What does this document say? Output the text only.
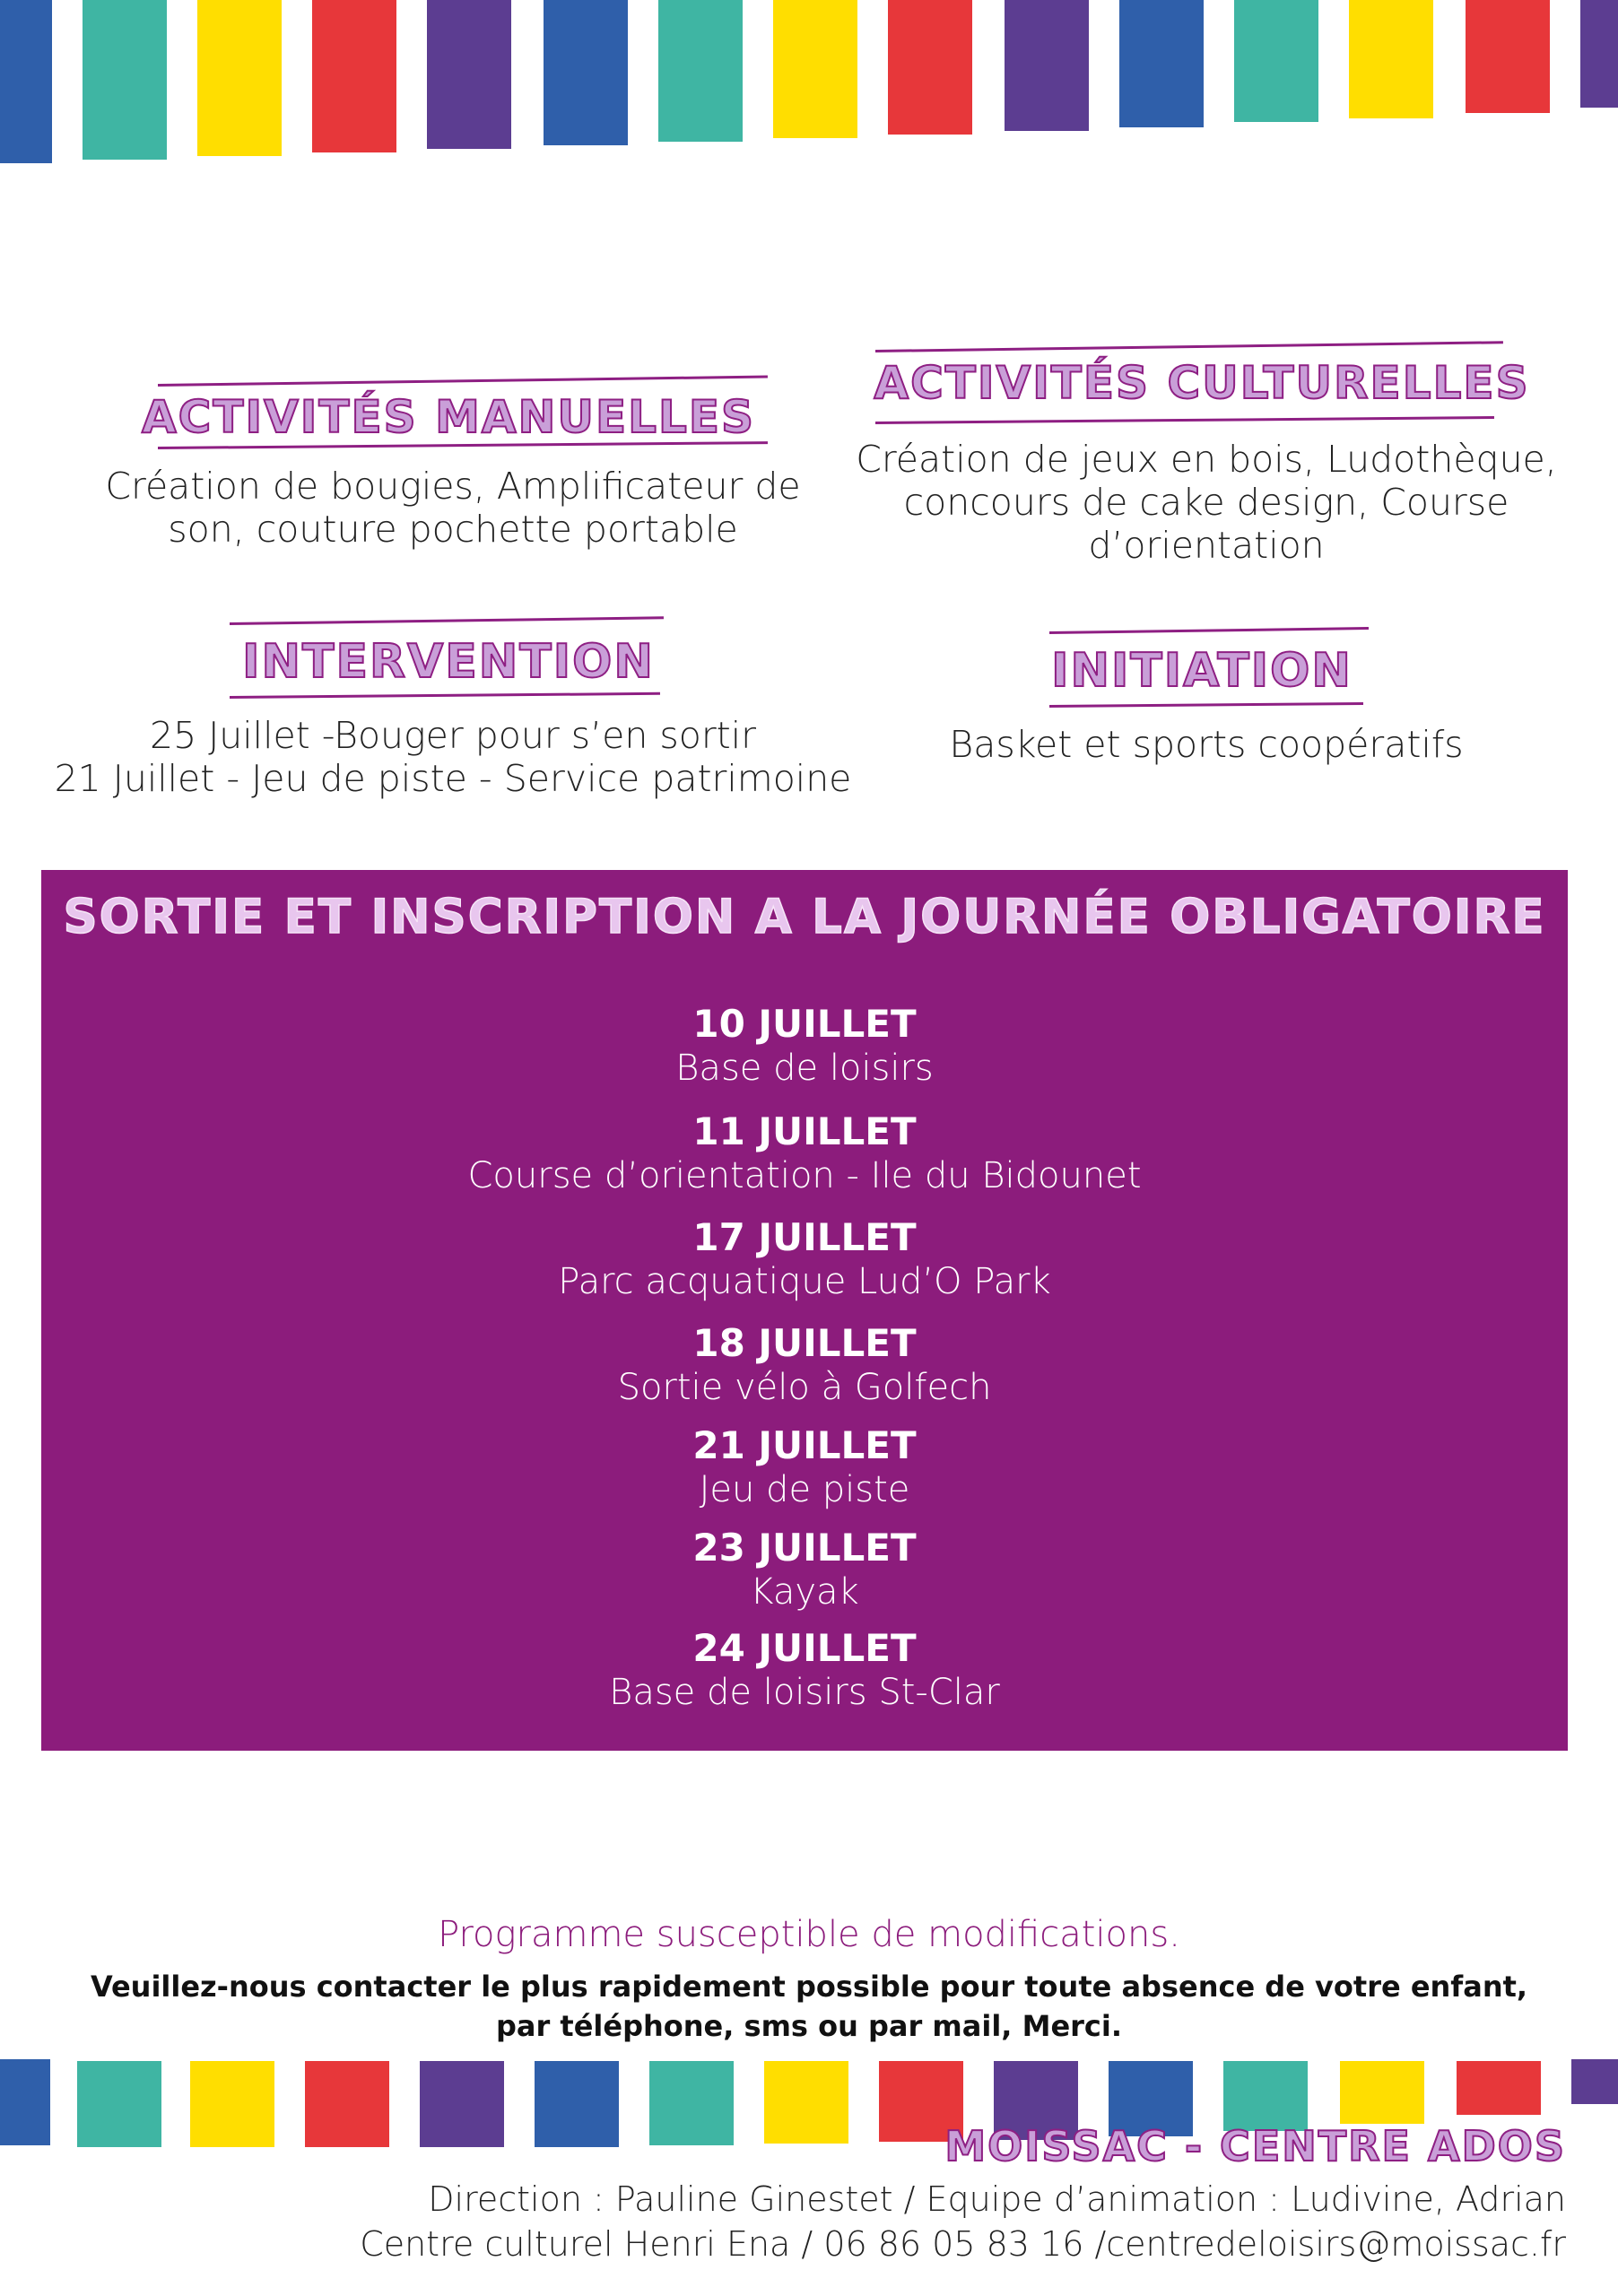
ACTIVITÉS MANUELLES
Création de bougies, Amplificateur de
son, couture pochette portable
ACTIVITÉS CULTURELLES
Création de jeux en bois, Ludothèque,
concours de cake design, Course
d’orientation
INTERVENTION
25 Juillet -Bouger pour s’en sortir
21 Juillet - Jeu de piste - Service patrimoine
INITIATION
Basket et sports coopératifs
SORTIE ET INSCRIPTION A LA JOURNÉE OBLIGATOIRE
10 JUILLET
Base de loisirs
11 JUILLET
Course d’orientation - Ile du Bidounet
17 JUILLET
Parc acquatique Lud’O Park
18 JUILLET
Sortie vélo à Golfech
21 JUILLET
Jeu de piste
23 JUILLET
Kayak
24 JUILLET
Base de loisirs St-Clar
Programme susceptible de modifications.
Veuillez-nous contacter le plus rapidement possible pour toute absence de votre enfant,
par téléphone, sms ou par mail, Merci.
MOISSAC - CENTRE ADOS
Direction : Pauline Ginestet / Equipe d’animation : Ludivine, Adrian
Centre culturel Henri Ena / 06 86 05 83 16 /centredeloisirs@moissac.fr
